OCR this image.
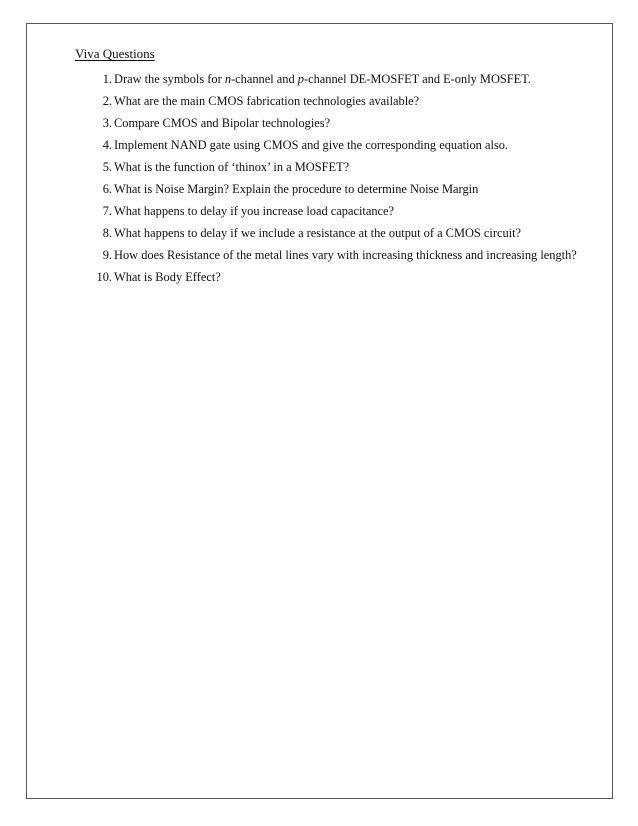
Viva Questions
1. Draw the symbols for n-channel and p-channel DE-MOSFET and E-only MOSFET.
2. What are the main CMOS fabrication technologies available?
3. Compare CMOS and Bipolar technologies?
4. Implement NAND gate using CMOS and give the corresponding equation also.
5. What is the function of ‘thinox’ in a MOSFET?
6. What is Noise Margin? Explain the procedure to determine Noise Margin
7. What happens to delay if you increase load capacitance?
8. What happens to delay if we include a resistance at the output of a CMOS circuit?
9. How does Resistance of the metal lines vary with increasing thickness and increasing length?
10. What is Body Effect?
